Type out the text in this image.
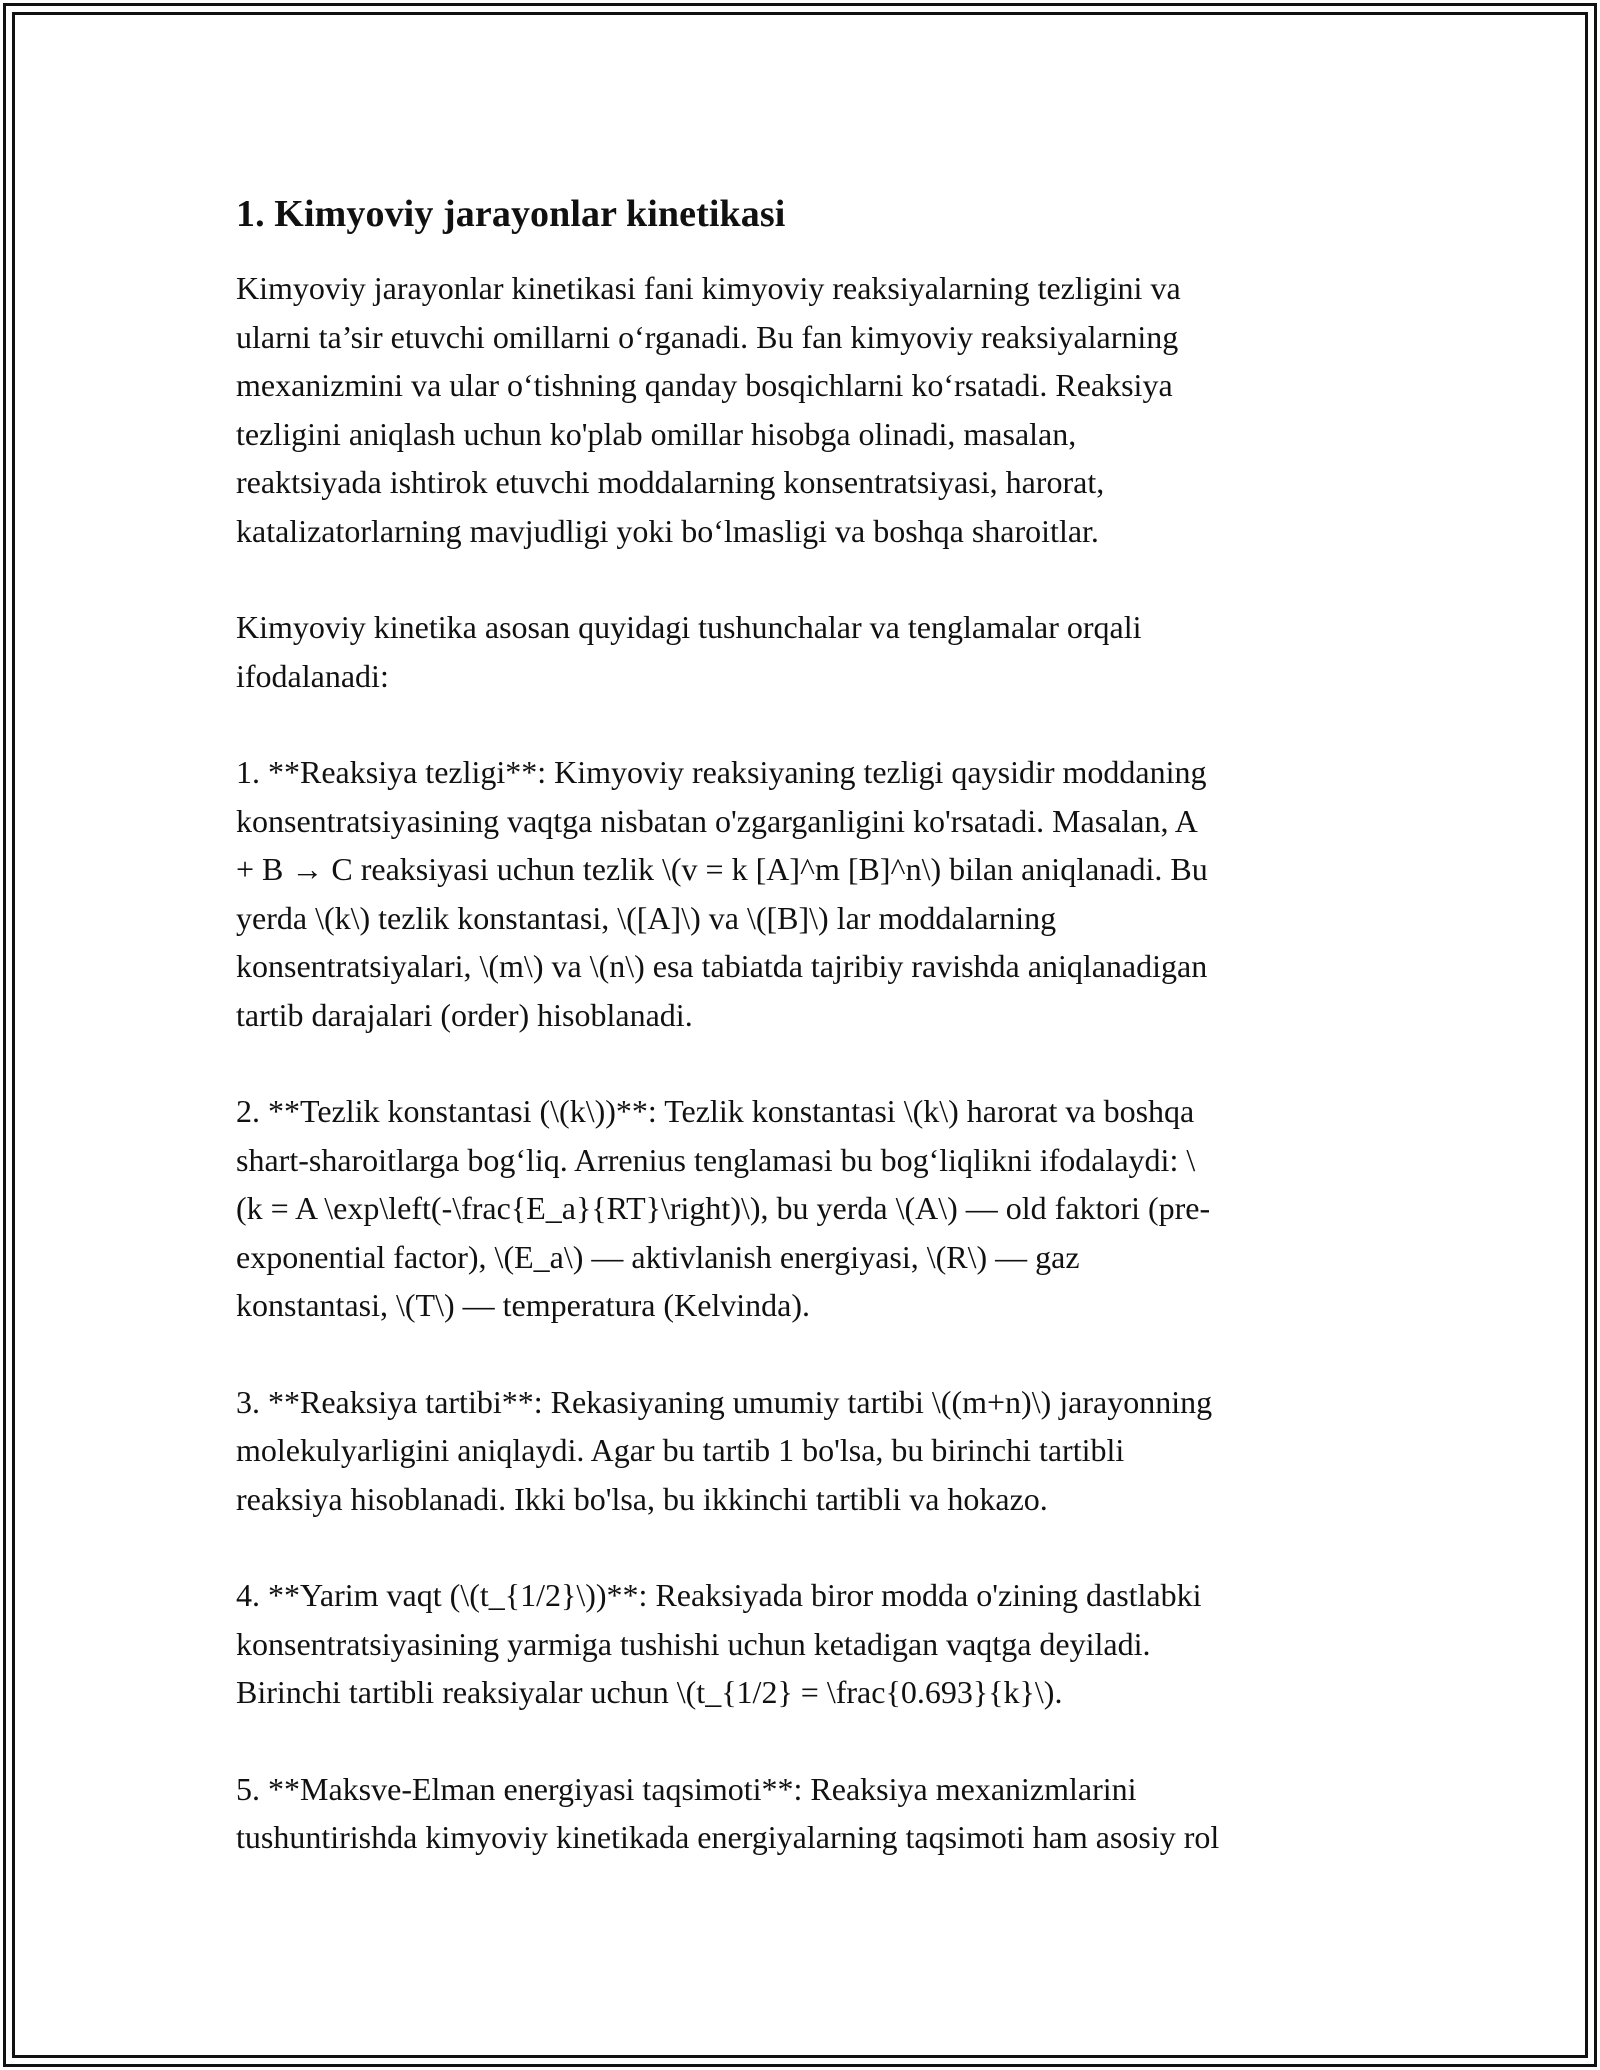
1. Kimyoviy jarayonlar kinetikasi

Kimyoviy jarayonlar kinetikasi fani kimyoviy reaksiyalarning tezligini va
ularni ta’sir etuvchi omillarni o‘rganadi. Bu fan kimyoviy reaksiyalarning
mexanizmini va ular o‘tishning qanday bosqichlarni ko‘rsatadi. Reaksiya
tezligini aniqlash uchun ko'plab omillar hisobga olinadi, masalan,
reaktsiyada ishtirok etuvchi moddalarning konsentratsiyasi, harorat,
katalizatorlarning mavjudligi yoki bo‘lmasligi va boshqa sharoitlar.

Kimyoviy kinetika asosan quyidagi tushunchalar va tenglamalar orqali
ifodalanadi:

1. **Reaksiya tezligi**: Kimyoviy reaksiyaning tezligi qaysidir moddaning
konsentratsiyasining vaqtga nisbatan o'zgarganligini ko'rsatadi. Masalan, A
+ B → C reaksiyasi uchun tezlik \(v = k [A]^m [B]^n\) bilan aniqlanadi. Bu
yerda \(k\) tezlik konstantasi, \([A]\) va \([B]\) lar moddalarning
konsentratsiyalari, \(m\) va \(n\) esa tabiatda tajribiy ravishda aniqlanadigan
tartib darajalari (order) hisoblanadi.

2. **Tezlik konstantasi (\(k\))**: Tezlik konstantasi \(k\) harorat va boshqa
shart-sharoitlarga bog‘liq. Arrenius tenglamasi bu bog‘liqlikni ifodalaydi: \
(k = A \exp\left(-\frac{E_a}{RT}\right)\), bu yerda \(A\) — old faktori (pre-
exponential factor), \(E_a\) — aktivlanish energiyasi, \(R\) — gaz
konstantasi, \(T\) — temperatura (Kelvinda).

3. **Reaksiya tartibi**: Rekasiyaning umumiy tartibi \((m+n)\) jarayonning
molekulyarligini aniqlaydi. Agar bu tartib 1 bo'lsa, bu birinchi tartibli
reaksiya hisoblanadi. Ikki bo'lsa, bu ikkinchi tartibli va hokazo.

4. **Yarim vaqt (\(t_{1/2}\))**: Reaksiyada biror modda o'zining dastlabki
konsentratsiyasining yarmiga tushishi uchun ketadigan vaqtga deyiladi.
Birinchi tartibli reaksiyalar uchun \(t_{1/2} = \frac{0.693}{k}\).

5. **Maksve-Elman energiyasi taqsimoti**: Reaksiya mexanizmlarini
tushuntirishda kimyoviy kinetikada energiyalarning taqsimoti ham asosiy rol
